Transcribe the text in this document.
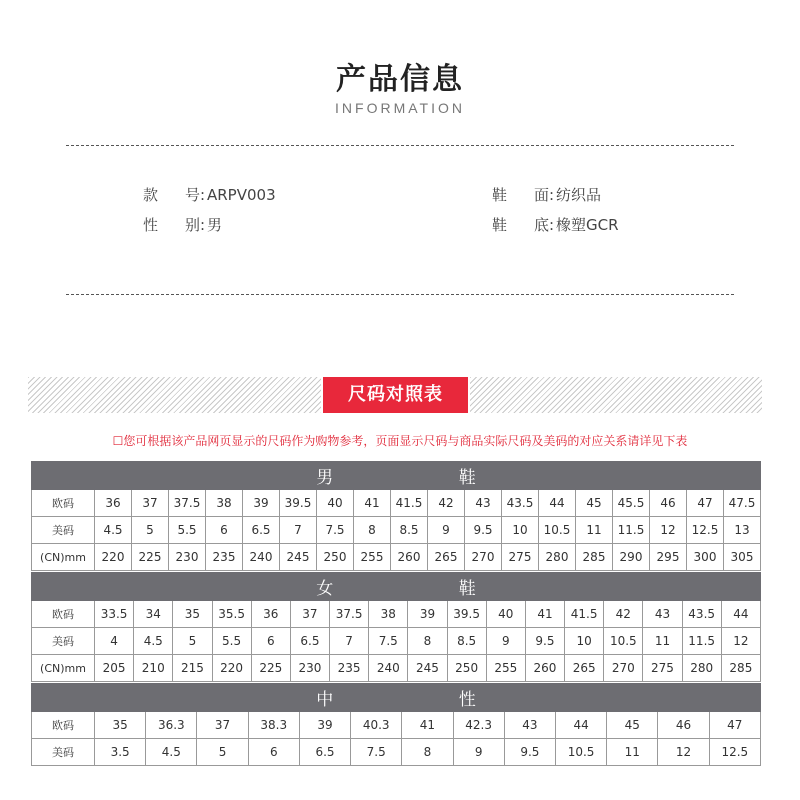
产品信息
INFORMATION
款 号: ARPV003
性 别: 男
鞋 面: 纺织品
鞋 底: 橡塑GCR
尺码对照表
☐您可根据该产品网页显示的尺码作为购物参考，页面显示尺码与商品实际尺码及美码的对应关系请详见下表
男 鞋																		
欧码	36	37	37.5	38	39	39.5	40	41	41.5	42	43	43.5	44	45	45.5	46	47	47.5
美码	4.5	5	5.5	6	6.5	7	7.5	8	8.5	9	9.5	10	10.5	11	11.5	12	12.5	13
(CN)mm	220	225	230	235	240	245	250	255	260	265	270	275	280	285	290	295	300	305
女 鞋																	
欧码	33.5	34	35	35.5	36	37	37.5	38	39	39.5	40	41	41.5	42	43	43.5	44
美码	4	4.5	5	5.5	6	6.5	7	7.5	8	8.5	9	9.5	10	10.5	11	11.5	12
(CN)mm	205	210	215	220	225	230	235	240	245	250	255	260	265	270	275	280	285
中 性													
欧码	35	36.3	37	38.3	39	40.3	41	42.3	43	44	45	46	47
美码	3.5	4.5	5	6	6.5	7.5	8	9	9.5	10.5	11	12	12.5
